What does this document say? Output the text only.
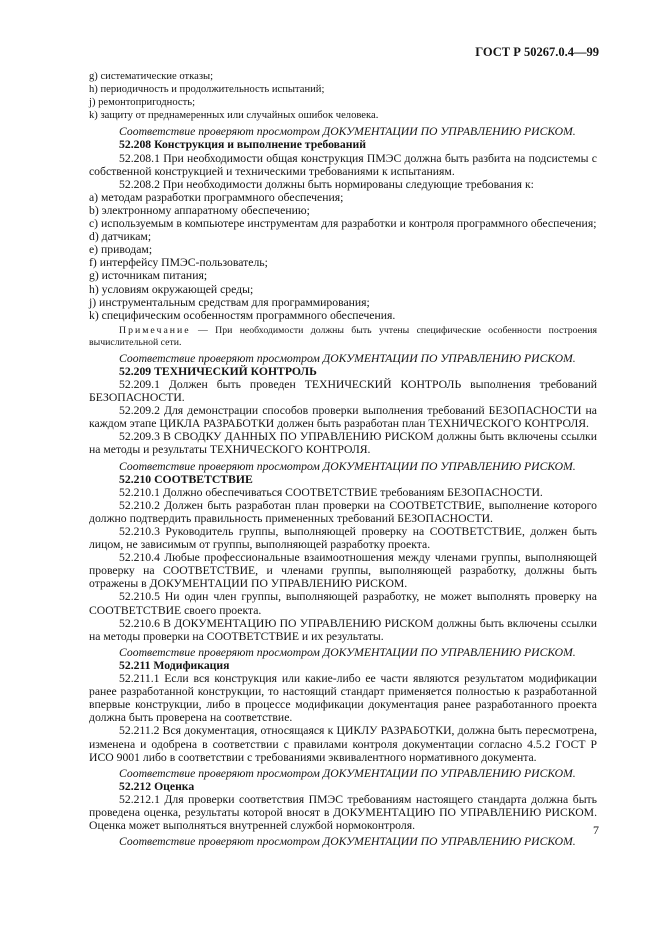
ГОСТ Р 50267.0.4—99

g) систематические отказы;

h) периодичность и продолжительность испытаний;

j) ремонтопригодность;

k) защиту от преднамеренных или случайных ошибок человека.

Соответствие проверяют просмотром ДОКУМЕНТАЦИИ ПО УПРАВЛЕНИЮ РИСКОМ.

52.208 Конструкция и выполнение требований

52.208.1 При необходимости общая конструкция ПМЭС должна быть разбита на подсистемы с собственной конструкцией и техническими требованиями к испытаниям.

52.208.2 При необходимости должны быть нормированы следующие требования к:

a) методам разработки программного обеспечения;

b) электронному аппаратному обеспечению;

c) используемым в компьютере инструментам для разработки и контроля программного обеспечения;

d) датчикам;

e) приводам;

f) интерфейсу ПМЭС-пользователь;

g) источникам питания;

h) условиям окружающей среды;

j) инструментальным средствам для программирования;

k) специфическим особенностям программного обеспечения.

Примечание — При необходимости должны быть учтены специфические особенности построения вычислительной сети.

Соответствие проверяют просмотром ДОКУМЕНТАЦИИ ПО УПРАВЛЕНИЮ РИСКОМ.

52.209 ТЕХНИЧЕСКИЙ КОНТРОЛЬ

52.209.1 Должен быть проведен ТЕХНИЧЕСКИЙ КОНТРОЛЬ выполнения требований БЕЗОПАСНОСТИ.

52.209.2 Для демонстрации способов проверки выполнения требований БЕЗОПАСНОСТИ на каждом этапе ЦИКЛА РАЗРАБОТКИ должен быть разработан план ТЕХНИЧЕСКОГО КОНТРОЛЯ.

52.209.3 В СВОДКУ ДАННЫХ ПО УПРАВЛЕНИЮ РИСКОМ должны быть включены ссылки на методы и результаты ТЕХНИЧЕСКОГО КОНТРОЛЯ.

Соответствие проверяют просмотром ДОКУМЕНТАЦИИ ПО УПРАВЛЕНИЮ РИСКОМ.

52.210 СООТВЕТСТВИЕ

52.210.1 Должно обеспечиваться СООТВЕТСТВИЕ требованиям БЕЗОПАСНОСТИ.

52.210.2 Должен быть разработан план проверки на СООТВЕТСТВИЕ, выполнение которого должно подтвердить правильность примененных требований БЕЗОПАСНОСТИ.

52.210.3 Руководитель группы, выполняющей проверку на СООТВЕТСТВИЕ, должен быть лицом, не зависимым от группы, выполняющей разработку проекта.

52.210.4 Любые профессиональные взаимоотношения между членами группы, выполняющей проверку на СООТВЕТСТВИЕ, и членами группы, выполняющей разработку, должны быть отражены в ДОКУМЕНТАЦИИ ПО УПРАВЛЕНИЮ РИСКОМ.

52.210.5 Ни один член группы, выполняющей разработку, не может выполнять проверку на СООТВЕТСТВИЕ своего проекта.

52.210.6 В ДОКУМЕНТАЦИЮ ПО УПРАВЛЕНИЮ РИСКОМ должны быть включены ссылки на методы проверки на СООТВЕТСТВИЕ и их результаты.

Соответствие проверяют просмотром ДОКУМЕНТАЦИИ ПО УПРАВЛЕНИЮ РИСКОМ.

52.211 Модификация

52.211.1 Если вся конструкция или какие-либо ее части являются результатом модификации ранее разработанной конструкции, то настоящий стандарт применяется полностью к разработанной впервые конструкции, либо в процессе модификации документация ранее разработанного проекта должна быть проверена на соответствие.

52.211.2 Вся документация, относящаяся к ЦИКЛУ РАЗРАБОТКИ, должна быть пересмотрена, изменена и одобрена в соответствии с правилами контроля документации согласно 4.5.2 ГОСТ Р ИСО 9001 либо в соответствии с требованиями эквивалентного нормативного документа.

Соответствие проверяют просмотром ДОКУМЕНТАЦИИ ПО УПРАВЛЕНИЮ РИСКОМ.

52.212 Оценка

52.212.1 Для проверки соответствия ПМЭС требованиям настоящего стандарта должна быть проведена оценка, результаты которой вносят в ДОКУМЕНТАЦИЮ ПО УПРАВЛЕНИЮ РИСКОМ. Оценка может выполняться внутренней службой нормоконтроля.

Соответствие проверяют просмотром ДОКУМЕНТАЦИИ ПО УПРАВЛЕНИЮ РИСКОМ.

7
